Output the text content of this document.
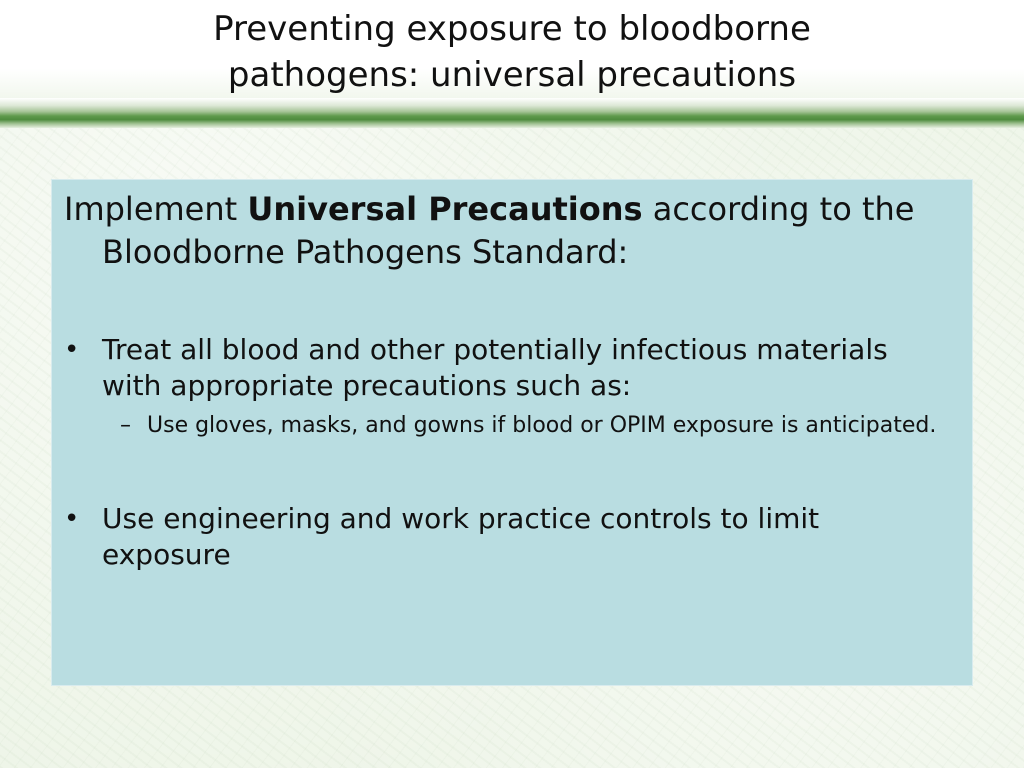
Preventing exposure to bloodborne
pathogens: universal precautions

Implement Universal Precautions according to the Bloodborne Pathogens Standard:

• Treat all blood and other potentially infectious materials with appropriate precautions such as:
– Use gloves, masks, and gowns if blood or OPIM exposure is anticipated.
• Use engineering and work practice controls to limit exposure
